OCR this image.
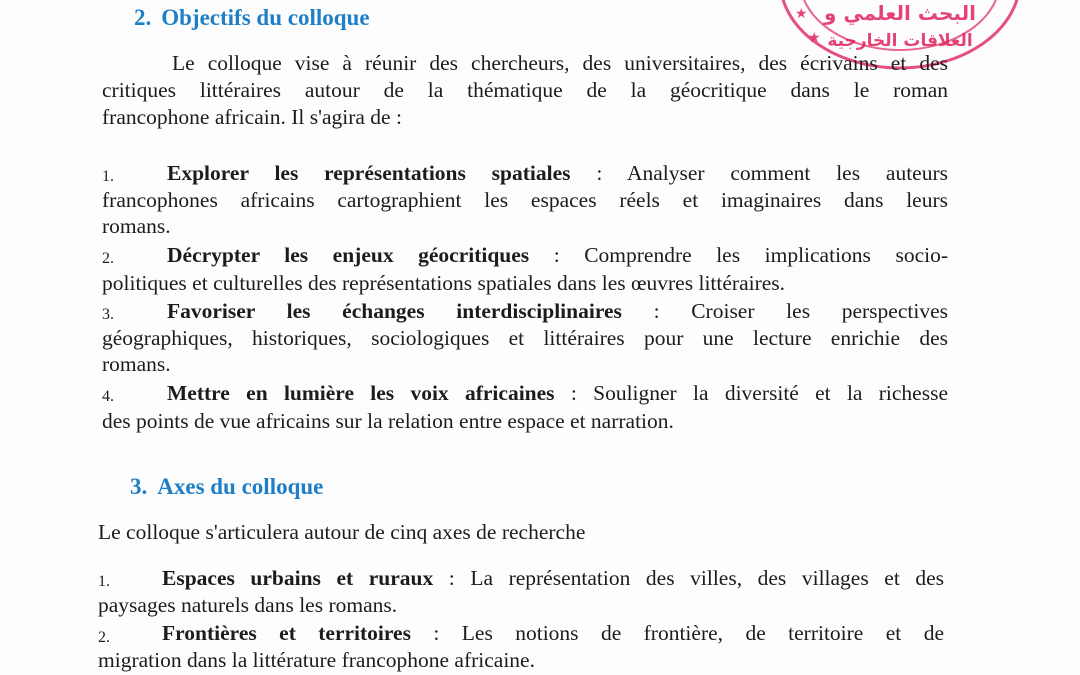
★
★
البحث العلمي و
العلاقات الخارجية
2. Objectifs du colloque
Le colloque vise à réunir des chercheurs, des universitaires, des écrivains et des
critiques littéraires autour de la thématique de la géocritique dans le roman
francophone africain. Il s'agira de :
1. Explorer les représentations spatiales : Analyser comment les auteurs
francophones africains cartographient les espaces réels et imaginaires dans leurs
romans.
2. Décrypter les enjeux géocritiques : Comprendre les implications socio-
politiques et culturelles des représentations spatiales dans les œuvres littéraires.
3. Favoriser les échanges interdisciplinaires : Croiser les perspectives
géographiques, historiques, sociologiques et littéraires pour une lecture enrichie des
romans.
4. Mettre en lumière les voix africaines : Souligner la diversité et la richesse
des points de vue africains sur la relation entre espace et narration.
3. Axes du colloque
Le colloque s'articulera autour de cinq axes de recherche
1. Espaces urbains et ruraux : La représentation des villes, des villages et des
paysages naturels dans les romans.
2. Frontières et territoires : Les notions de frontière, de territoire et de
migration dans la littérature francophone africaine.
